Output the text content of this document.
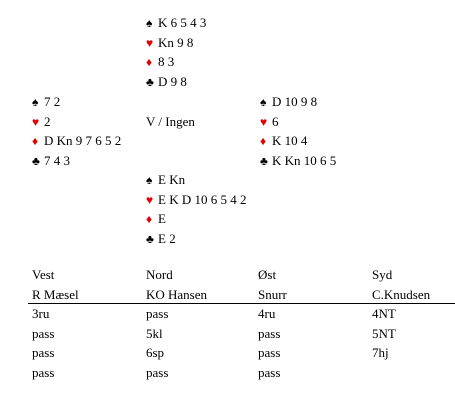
♠ K 6 5 4 3
♥ Kn 9 8
♦ 8 3
♣ D 9 8
♠ 7 2
♥ 2
♦ D Kn 9 7 6 5 2
♣ 7 4 3
V / Ingen
♠ D 10 9 8
♥ 6
♦ K 10 4
♣ K Kn 10 6 5
♠ E Kn
♥ E K D 10 6 5 4 2
♦ E
♣ E 2
Vest	Nord	Øst	Syd
R Mæsel	KO Hansen	Snurr	C.Knudsen
3ru	pass	4ru	4NT
pass	5kl	pass	5NT
pass	6sp	pass	7hj
pass	pass	pass
